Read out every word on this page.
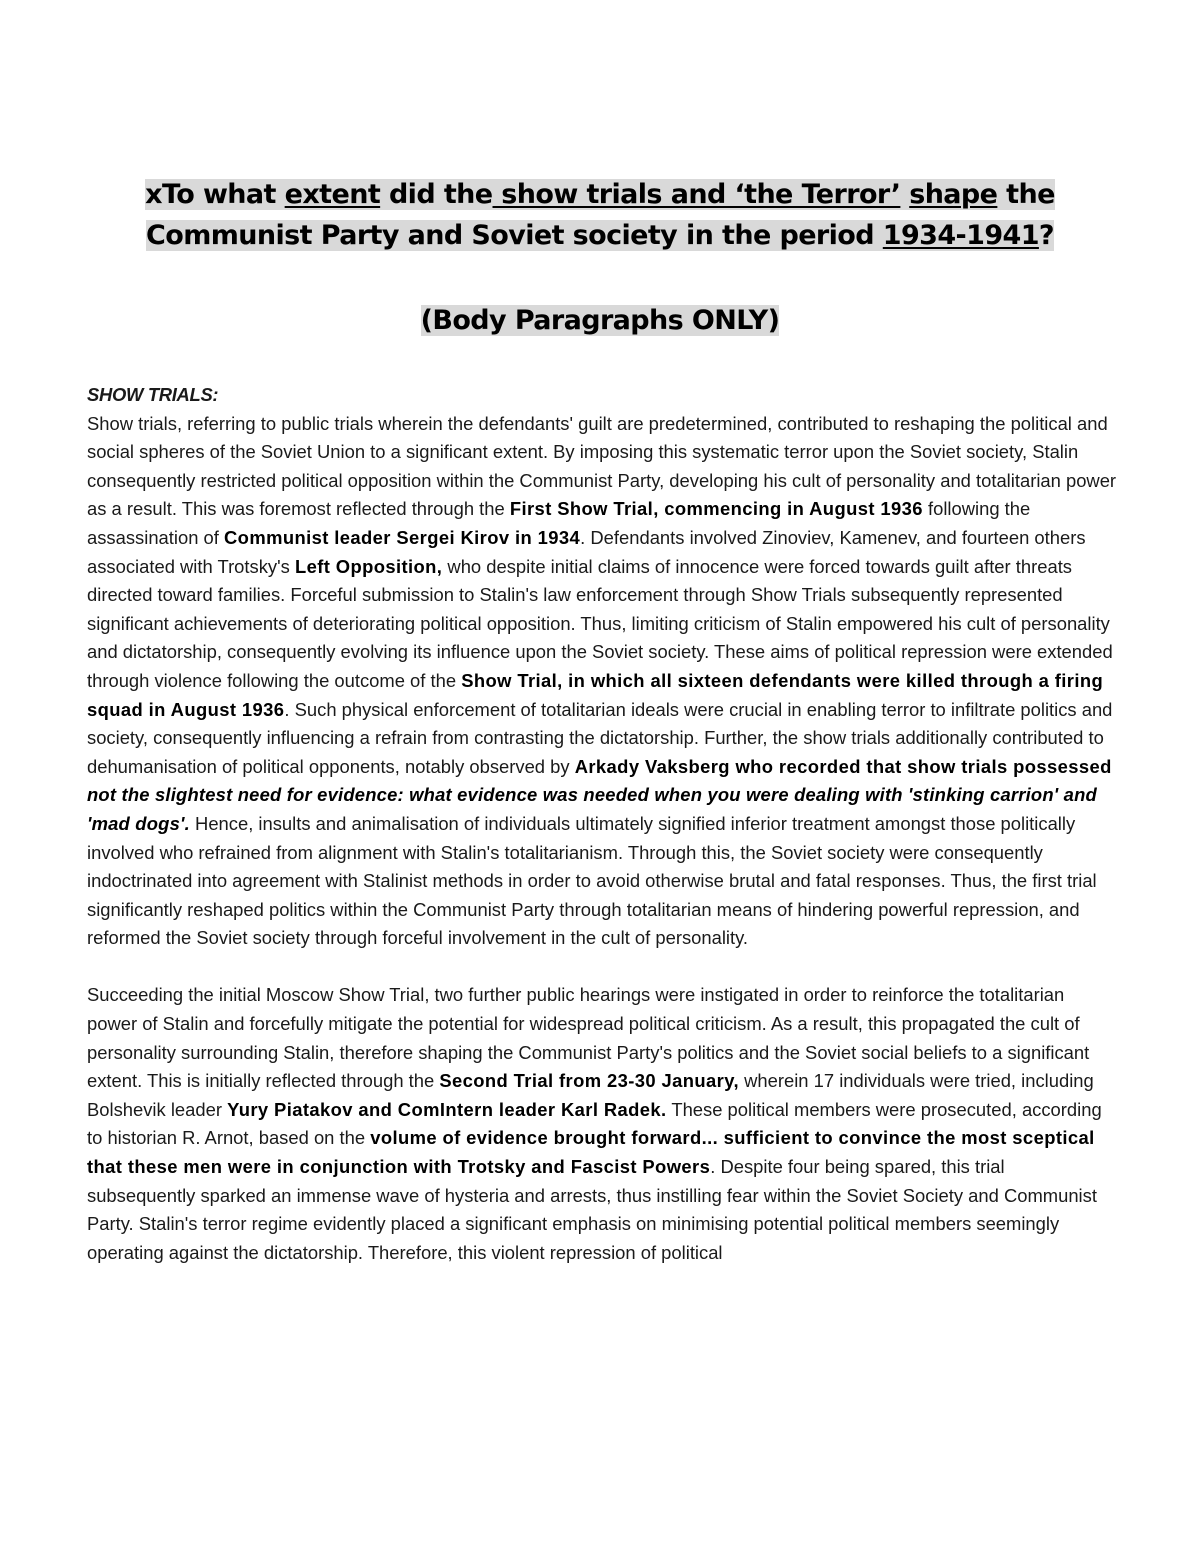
xTo what extent did the show trials and ‘the Terror’ shape the Communist Party and Soviet society in the period 1934-1941?
(Body Paragraphs ONLY)

SHOW TRIALS:

Show trials, referring to public trials wherein the defendants' guilt are predetermined, contributed to reshaping the political and social spheres of the Soviet Union to a significant extent. By imposing this systematic terror upon the Soviet society, Stalin consequently restricted political opposition within the Communist Party, developing his cult of personality and totalitarian power as a result. This was foremost reflected through the First Show Trial, commencing in August 1936 following the assassination of Communist leader Sergei Kirov in 1934. Defendants involved Zinoviev, Kamenev, and fourteen others associated with Trotsky's Left Opposition, who despite initial claims of innocence were forced towards guilt after threats directed toward families. Forceful submission to Stalin's law enforcement through Show Trials subsequently represented significant achievements of deteriorating political opposition. Thus, limiting criticism of Stalin empowered his cult of personality and dictatorship, consequently evolving its influence upon the Soviet society. These aims of political repression were extended through violence following the outcome of the Show Trial, in which all sixteen defendants were killed through a firing squad in August 1936. Such physical enforcement of totalitarian ideals were crucial in enabling terror to infiltrate politics and society, consequently influencing a refrain from contrasting the dictatorship. Further, the show trials additionally contributed to dehumanisation of political opponents, notably observed by Arkady Vaksberg who recorded that show trials possessed not the slightest need for evidence: what evidence was needed when you were dealing with 'stinking carrion' and 'mad dogs'. Hence, insults and animalisation of individuals ultimately signified inferior treatment amongst those politically involved who refrained from alignment with Stalin's totalitarianism. Through this, the Soviet society were consequently indoctrinated into agreement with Stalinist methods in order to avoid otherwise brutal and fatal responses. Thus, the first trial significantly reshaped politics within the Communist Party through totalitarian means of hindering powerful repression, and reformed the Soviet society through forceful involvement in the cult of personality.

Succeeding the initial Moscow Show Trial, two further public hearings were instigated in order to reinforce the totalitarian power of Stalin and forcefully mitigate the potential for widespread political criticism. As a result, this propagated the cult of personality surrounding Stalin, therefore shaping the Communist Party's politics and the Soviet social beliefs to a significant extent. This is initially reflected through the Second Trial from 23-30 January, wherein 17 individuals were tried, including Bolshevik leader Yury Piatakov and ComIntern leader Karl Radek. These political members were prosecuted, according to historian R. Arnot, based on the volume of evidence brought forward... sufficient to convince the most sceptical that these men were in conjunction with Trotsky and Fascist Powers. Despite four being spared, this trial subsequently sparked an immense wave of hysteria and arrests, thus instilling fear within the Soviet Society and Communist Party. Stalin's terror regime evidently placed a significant emphasis on minimising potential political members seemingly operating against the dictatorship. Therefore, this violent repression of political
